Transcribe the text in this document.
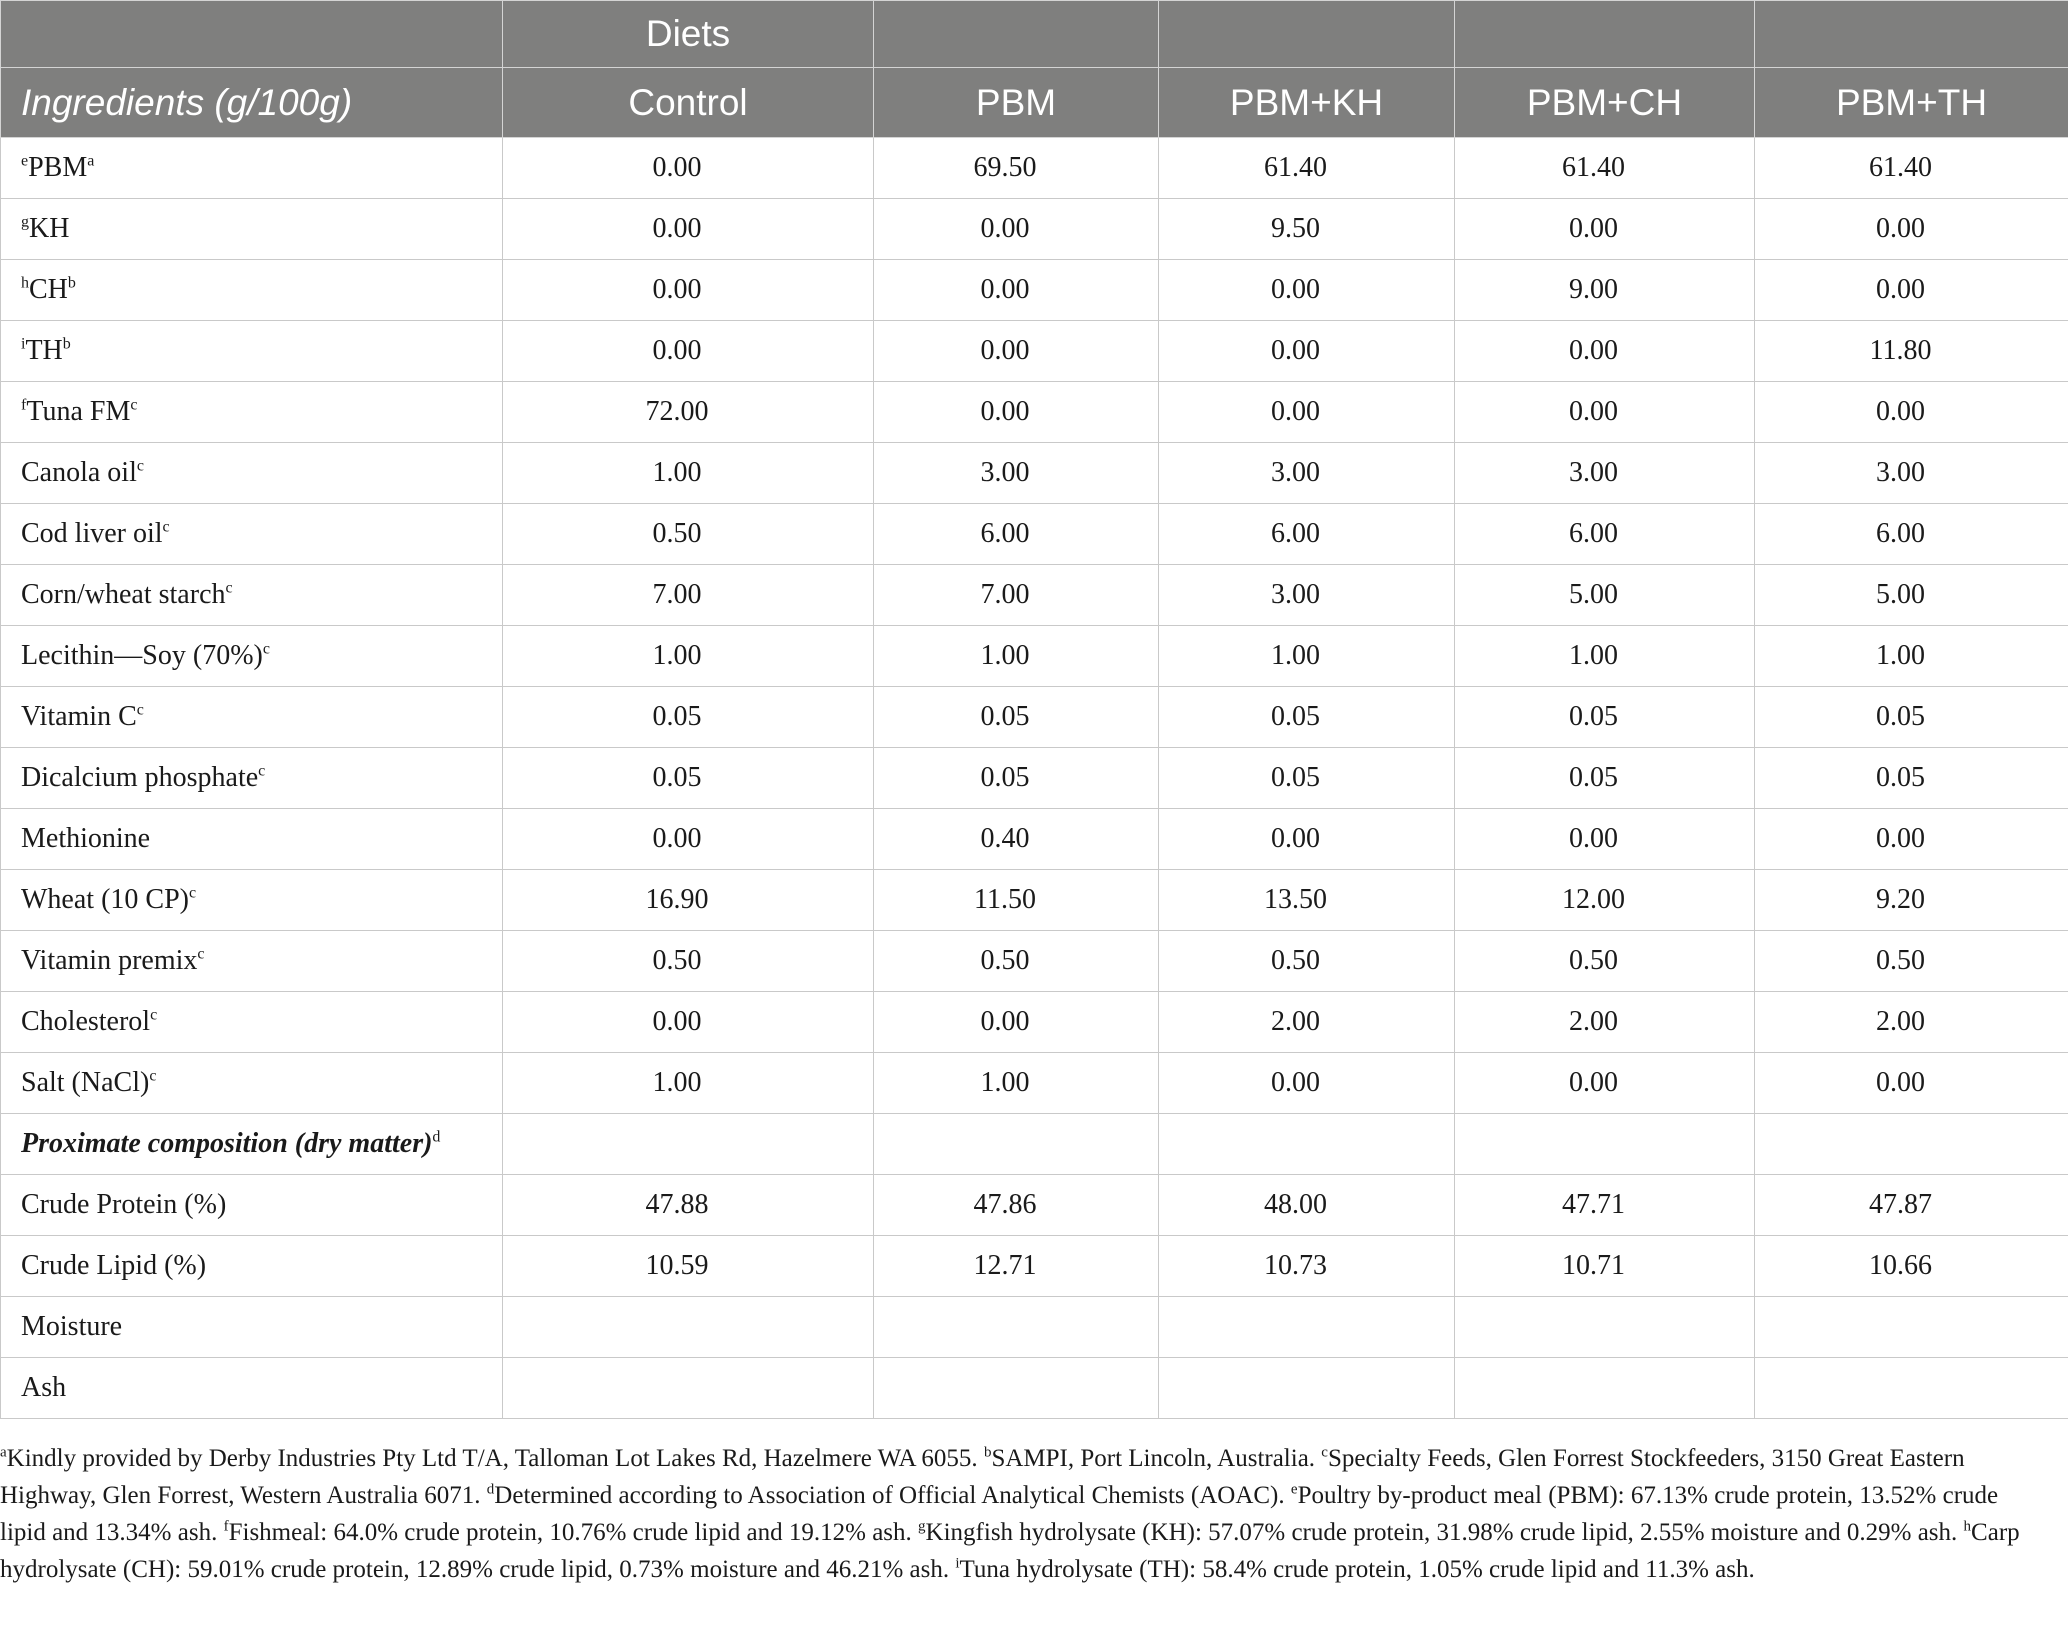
	Diets				
Ingredients (g/100g)	Control	PBM	PBM+KH	PBM+CH	PBM+TH
$^e$PBM$^a$	0.00	69.50	61.40	61.40	61.40
$^g$KH	0.00	0.00	9.50	0.00	0.00
$^hCH^b$	0.00	0.00	0.00	9.00	0.00
$^iTH^b$	0.00	0.00	0.00	0.00	11.80
$^f$Tuna $FM^c$	72.00	0.00	0.00	0.00	0.00
Canola oil$^c$	1.00	3.00	3.00	3.00	3.00
Cod liver oil$^c$	0.50	6.00	6.00	6.00	6.00
Corn/wheat starch$^c$	7.00	7.00	3.00	5.00	5.00
Lecithin—Soy $(70\%)^c$	1.00	1.00	1.00	1.00	1.00
Vitamin $C^c$	0.05	0.05	0.05	0.05	0.05
Dicalcium phosphate$^c$	0.05	0.05	0.05	0.05	0.05
Methionine	0.00	0.40	0.00	0.00	0.00
Wheat (10 CP)$^c$	16.90	11.50	13.50	12.00	9.20
Vitamin premix$^c$	0.50	0.50	0.50	0.50	0.50
Cholesterol$^c$	0.00	0.00	2.00	2.00	2.00
Salt (NaCl)$^c$	1.00	1.00	0.00	0.00	0.00
Proximate composition (dry matter)$^d$					
Crude Protein (%)	47.88	47.86	48.00	47.71	47.87
Crude Lipid (%)	10.59	12.71	10.73	10.71	10.66
Moisture					
Ash					
$^a$Kindly provided by Derby Industries Pty Ltd T/A, Talloman Lot Lakes Rd, Hazelmere WA 6055. $^b$SAMPI, Port Lincoln, Australia. $^c$Specialty Feeds, Glen Forrest Stockfeeders, 3150 Great Eastern Highway, Glen Forrest, Western Australia 6071. $^d$Determined according to Association of Official Analytical Chemists (AOAC). $^e$Poultry by-product meal (PBM): 67.13% crude protein, 13.52% crude lipid and 13.34% ash. $^f$Fishmeal: 64.0% crude protein, 10.76% crude lipid and 19.12% ash. $^g$Kingfish hydrolysate (KH): 57.07% crude protein, 31.98% crude lipid, 2.55% moisture and 0.29% ash. $^h$Carp hydrolysate (CH): 59.01% crude protein, 12.89% crude lipid, 0.73% moisture and 46.21% ash. $^i$Tuna hydrolysate (TH): 58.4% crude protein, 1.05% crude lipid and 11.3% ash.
